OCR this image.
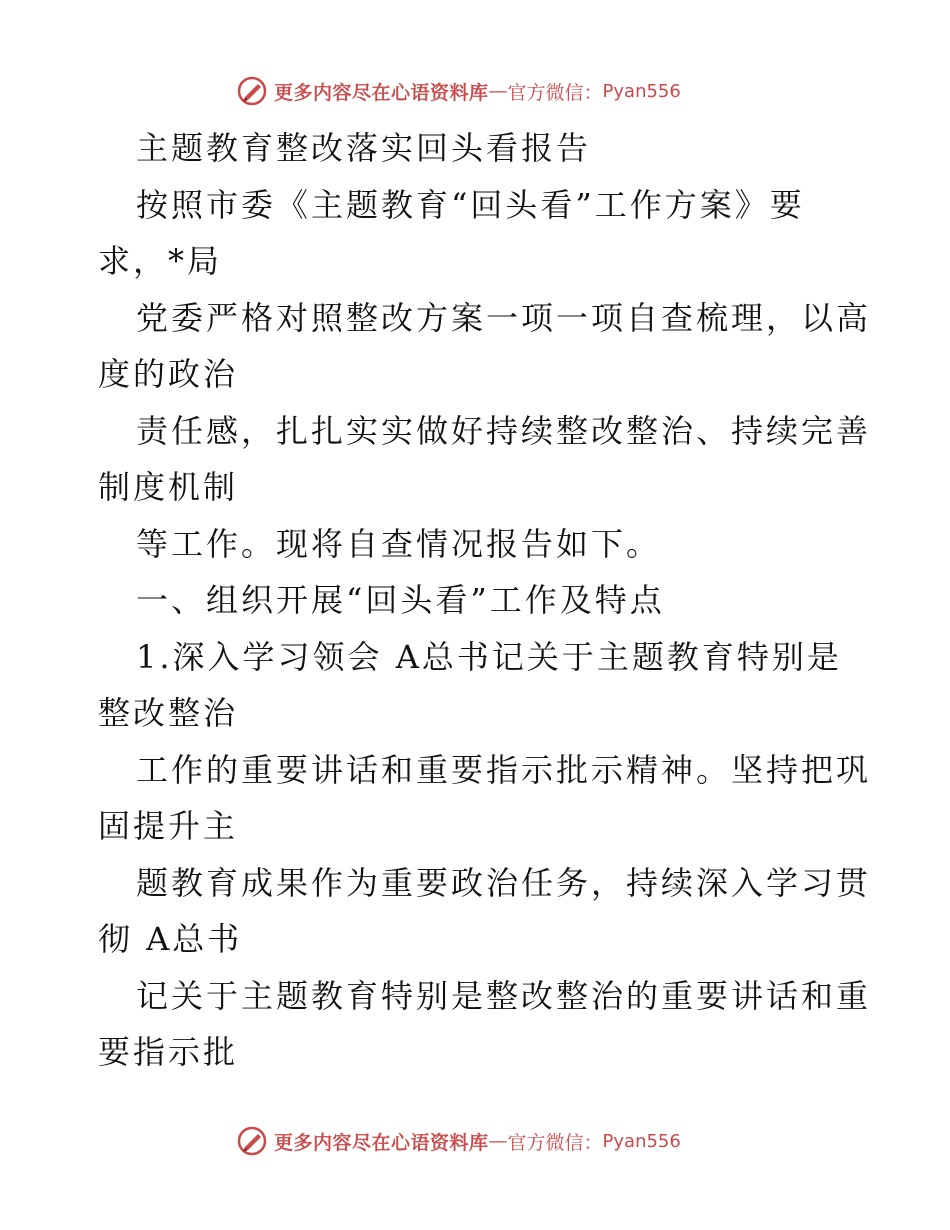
更多内容尽在心语资料库 — 官方微信： Pyan556

主题教育整改落实回头看报告

按照市委《主题教育“回头看”工作方案》要

求，*局

党委严格对照整改方案一项一项自查梳理，以高

度的政治

责任感，扎扎实实做好持续整改整治、持续完善

制度机制

等工作。现将自查情况报告如下。

一、组织开展“回头看”工作及特点

1.深入学习领会 A总书记关于主题教育特别是

整改整治

工作的重要讲话和重要指示批示精神。坚持把巩

固提升主

题教育成果作为重要政治任务，持续深入学习贯

彻 A总书

记关于主题教育特别是整改整治的重要讲话和重

要指示批

更多内容尽在心语资料库 — 官方微信： Pyan556
